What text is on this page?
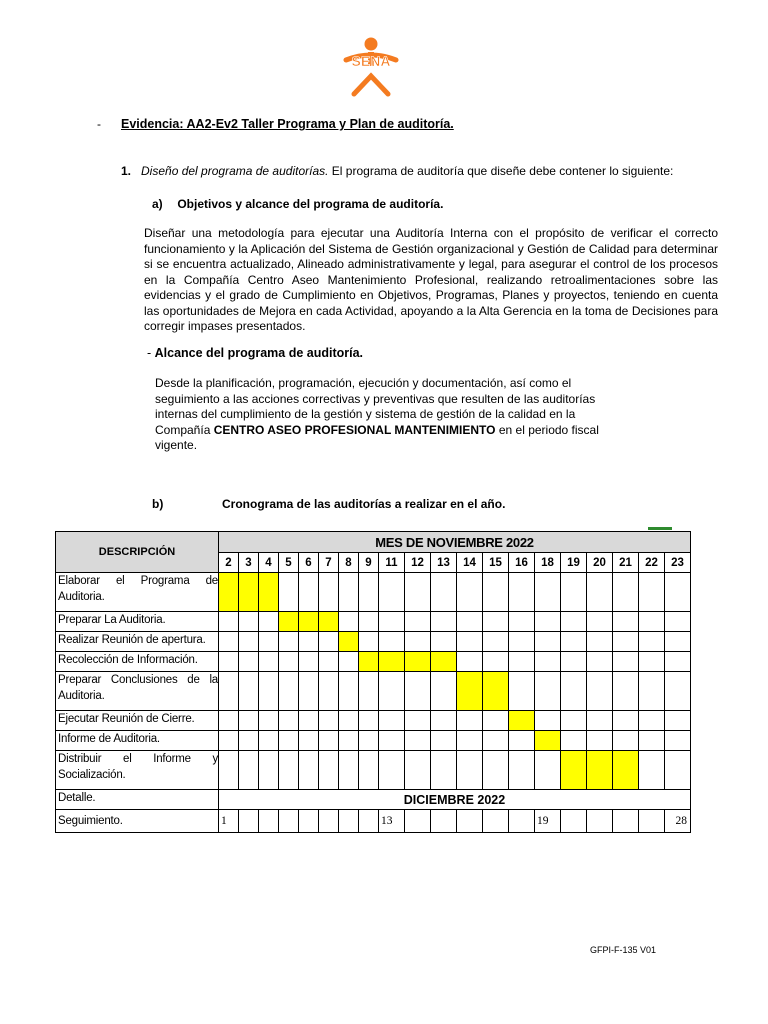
SENA
- Evidencia: AA2-Ev2 Taller Programa y Plan de auditoría.
1. Diseño del programa de auditorías. El programa de auditoría que diseñe debe contener lo siguiente:
a) Objetivos y alcance del programa de auditoría.
Diseñar una metodología para ejecutar una Auditoría Interna con el propósito de verificar el correcto funcionamiento y la Aplicación del Sistema de Gestión organizacional y Gestión de Calidad para determinar si se encuentra actualizado, Alineado administrativamente y legal, para asegurar el control de los procesos en la Compañía Centro Aseo Mantenimiento Profesional, realizando retroalimentaciones sobre las evidencias y el grado de Cumplimiento en Objetivos, Programas, Planes y proyectos, teniendo en cuenta las oportunidades de Mejora en cada Actividad, apoyando a la Alta Gerencia en la toma de Decisiones para corregir impases presentados.
- Alcance del programa de auditoría.
Desde la planificación, programación, ejecución y documentación, así como el seguimiento a las acciones correctivas y preventivas que resulten de las auditorías internas del cumplimiento de la gestión y sistema de gestión de la calidad en la Compañía CENTRO ASEO PROFESIONAL MANTENIMIENTO en el periodo fiscal vigente.
b)	Cronograma de las auditorías a realizar en el año.
DESCRIPCIÓN	MES DE NOVIEMBRE 2022																			
	2	3	4	5	6	7	8	9	11	12	13	14	15	16	18	19	20	21	22	23
Elaborar el Programa de Auditoria.																				
Preparar La Auditoria.																				
Realizar Reunión de apertura.																				
Recolección de Información.																				
Preparar Conclusiones de la Auditoria.																				
Ejecutar Reunión de Cierre.																				
Informe de Auditoria.																				
Distribuir el Informe y Socialización.																				
Detalle.	DICIEMBRE 2022																			
Seguimiento.	1								13						19					28
GFPI-F-135 V01
